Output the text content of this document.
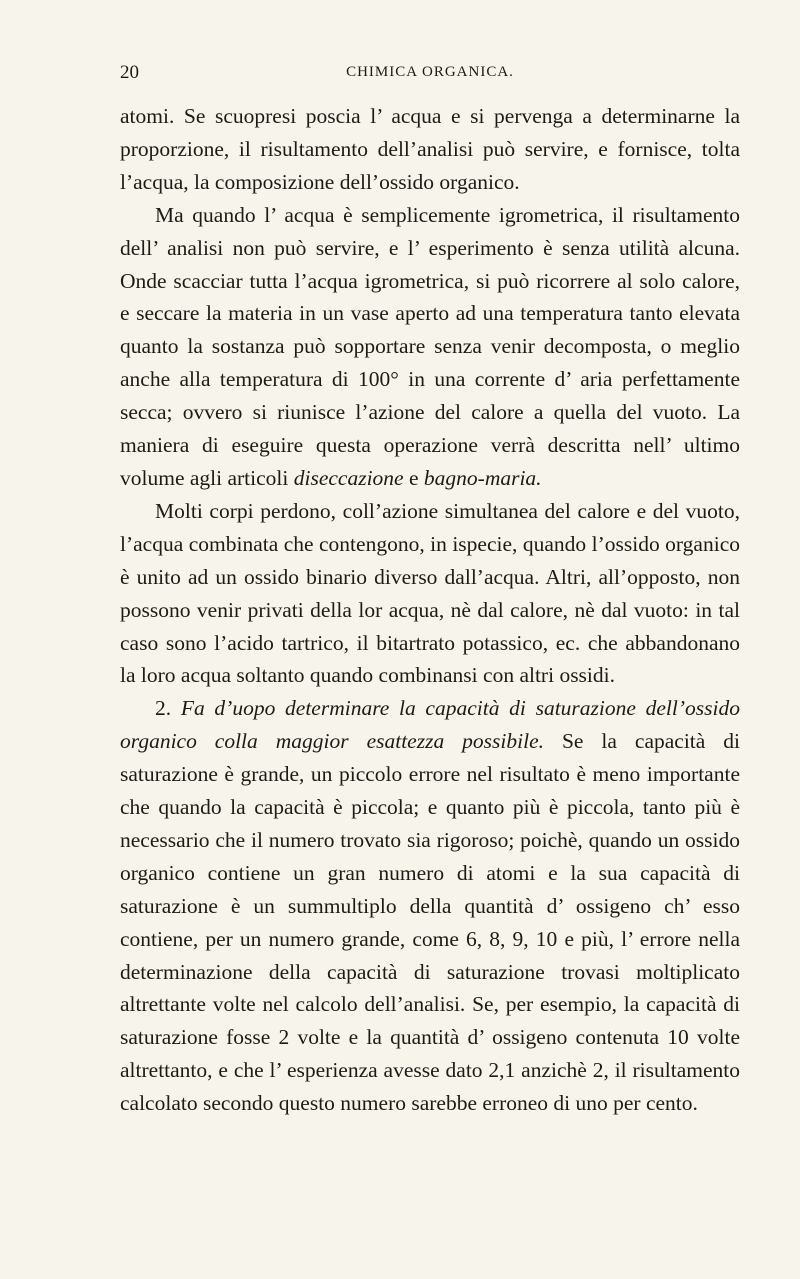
20	CHIMICA ORGANICA.

atomi. Se scuopresi poscia l’ acqua e si pervenga a determinarne la proporzione, il risultamento dell’analisi può servire, e fornisce, tolta l’acqua, la composizione dell’ossido organico.

Ma quando l’ acqua è semplicemente igrometrica, il risultamento dell’ analisi non può servire, e l’ esperimento è senza utilità alcuna. Onde scacciar tutta l’acqua igrometrica, si può ricorrere al solo calore, e seccare la materia in un vase aperto ad una temperatura tanto elevata quanto la sostanza può sopportare senza venir decomposta, o meglio anche alla temperatura di 100° in una corrente d’ aria perfettamente secca; ovvero si riunisce l’azione del calore a quella del vuoto. La maniera di eseguire questa operazione verrà descritta nell’ ultimo volume agli articoli diseccazione e bagno-maria.

Molti corpi perdono, coll’azione simultanea del calore e del vuoto, l’acqua combinata che contengono, in ispecie, quando l’ossido organico è unito ad un ossido binario diverso dall’acqua. Altri, all’opposto, non possono venir privati della lor acqua, nè dal calore, nè dal vuoto: in tal caso sono l’acido tartrico, il bitartrato potassico, ec. che abbandonano la loro acqua soltanto quando combinansi con altri ossidi.

2. Fa d’uopo determinare la capacità di saturazione dell’ossido organico colla maggior esattezza possibile. Se la capacità di saturazione è grande, un piccolo errore nel risultato è meno importante che quando la capacità è piccola; e quanto più è piccola, tanto più è necessario che il numero trovato sia rigoroso; poichè, quando un ossido organico contiene un gran numero di atomi e la sua capacità di saturazione è un summultiplo della quantità d’ ossigeno ch’ esso contiene, per un numero grande, come 6, 8, 9, 10 e più, l’ errore nella determinazione della capacità di saturazione trovasi moltiplicato altrettante volte nel calcolo dell’analisi. Se, per esempio, la capacità di saturazione fosse 2 volte e la quantità d’ ossigeno contenuta 10 volte altrettanto, e che l’ esperienza avesse dato 2,1 anzichè 2, il risultamento calcolato secondo questo numero sarebbe erroneo di uno per cento.
